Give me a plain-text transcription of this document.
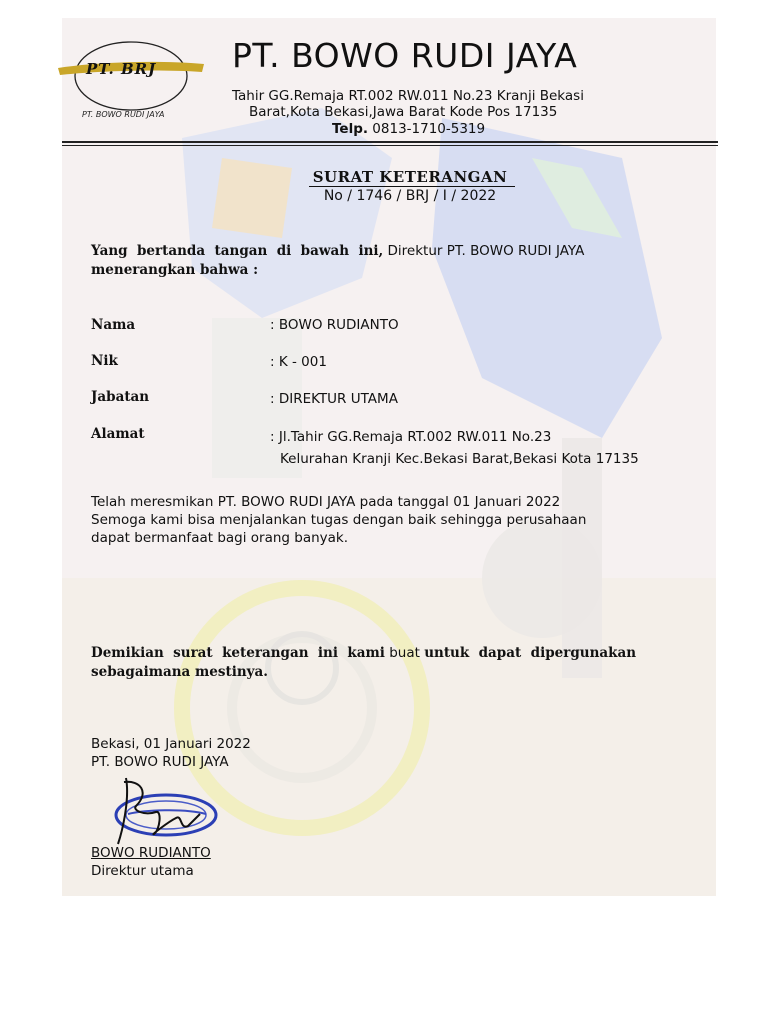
PT. BRJ
PT. BOWO RUDI JAYA
PT. BOWO RUDI JAYA
Tahir GG.Remaja RT.002 RW.011 No.23 Kranji Bekasi
Barat,Kota Bekasi,Jawa Barat Kode Pos 17135
Telp. 0813-1710-5319
SURAT KETERANGAN
No / 1746 / BRJ / I / 2022
Yang  bertanda  tangan  di  bawah  ini, Direktur PT. BOWO RUDI JAYA
menerangkan bahwa :
Nama	: BOWO RUDIANTO
Nik	: K - 001
Jabatan	: DIREKTUR UTAMA
Alamat	: Jl.Tahir GG.Remaja RT.002 RW.011 No.23
Kelurahan Kranji Kec.Bekasi Barat,Bekasi Kota 17135
Telah meresmikan PT. BOWO RUDI JAYA pada tanggal 01 Januari 2022
Semoga kami bisa menjalankan tugas dengan baik sehingga perusahaan
dapat bermanfaat bagi orang banyak.
Demikian  surat  keterangan  ini  kami buat untuk  dapat  dipergunakan
sebagaimana mestinya.
Bekasi, 01 Januari 2022
PT. BOWO RUDI JAYA
BOWO RUDIANTO
Direktur utama
